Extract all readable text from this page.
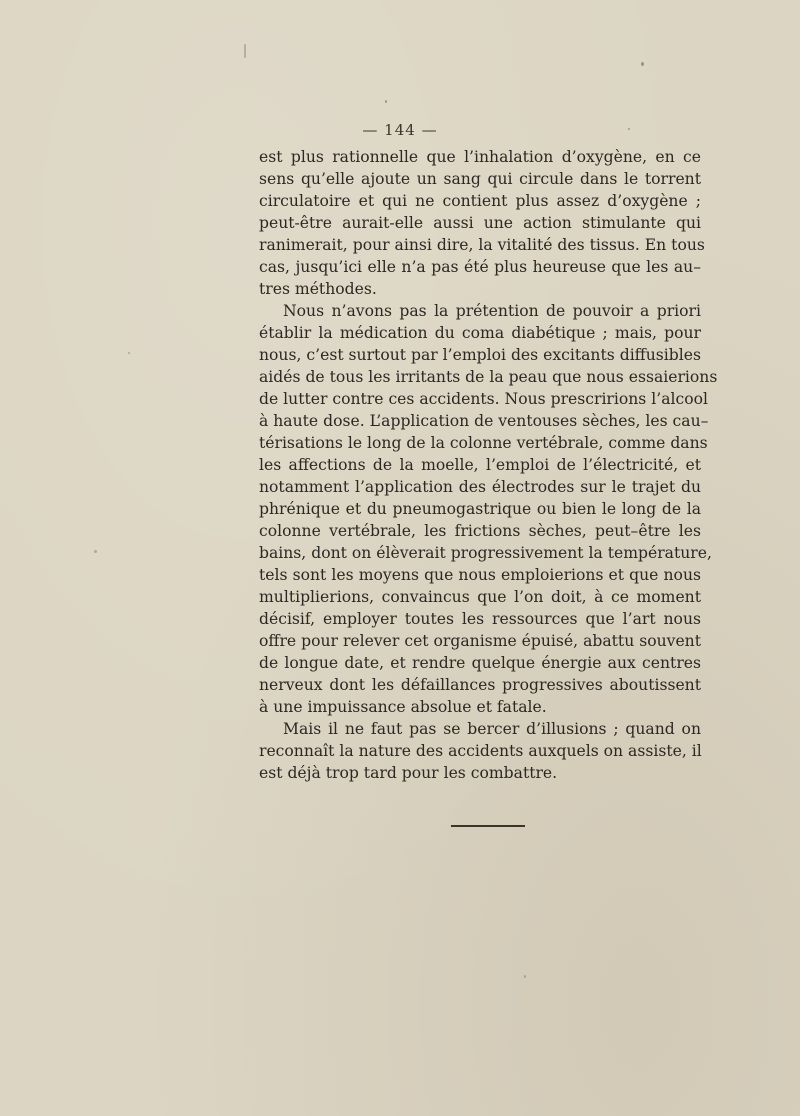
— 144 —
est plus rationnelle que l’inhalation d’oxygène, en ce
sens qu’elle ajoute un sang qui circule dans le torrent
circulatoire et qui ne contient plus assez d’oxygène ;
peut-être aurait-elle aussi une action stimulante qui
ranimerait, pour ainsi dire, la vitalité des tissus. En tous
cas, jusqu’ici elle n’a pas été plus heureuse que les au–
tres méthodes.
Nous n’avons pas la prétention de pouvoir a priori
établir la médication du coma diabétique ; mais, pour
nous, c’est surtout par l’emploi des excitants diffusibles
aidés de tous les irritants de la peau que nous essaierions
de lutter contre ces accidents. Nous prescririons l’alcool
à haute dose. L’application de ventouses sèches, les cau–
térisations le long de la colonne vertébrale, comme dans
les affections de la moelle, l’emploi de l’électricité, et
notamment l’application des électrodes sur le trajet du
phrénique et du pneumogastrique ou bien le long de la
colonne vertébrale, les frictions sèches, peut–être les
bains, dont on élèverait progressivement la température,
tels sont les moyens que nous emploierions et que nous
multiplierions, convaincus que l’on doit, à ce moment
décisif, employer toutes les ressources que l’art nous
offre pour relever cet organisme épuisé, abattu souvent
de longue date, et rendre quelque énergie aux centres
nerveux dont les défaillances progressives aboutissent
à une impuissance absolue et fatale.
Mais il ne faut pas se bercer d’illusions ; quand on
reconnaît la nature des accidents auxquels on assiste, il
est déjà trop tard pour les combattre.
